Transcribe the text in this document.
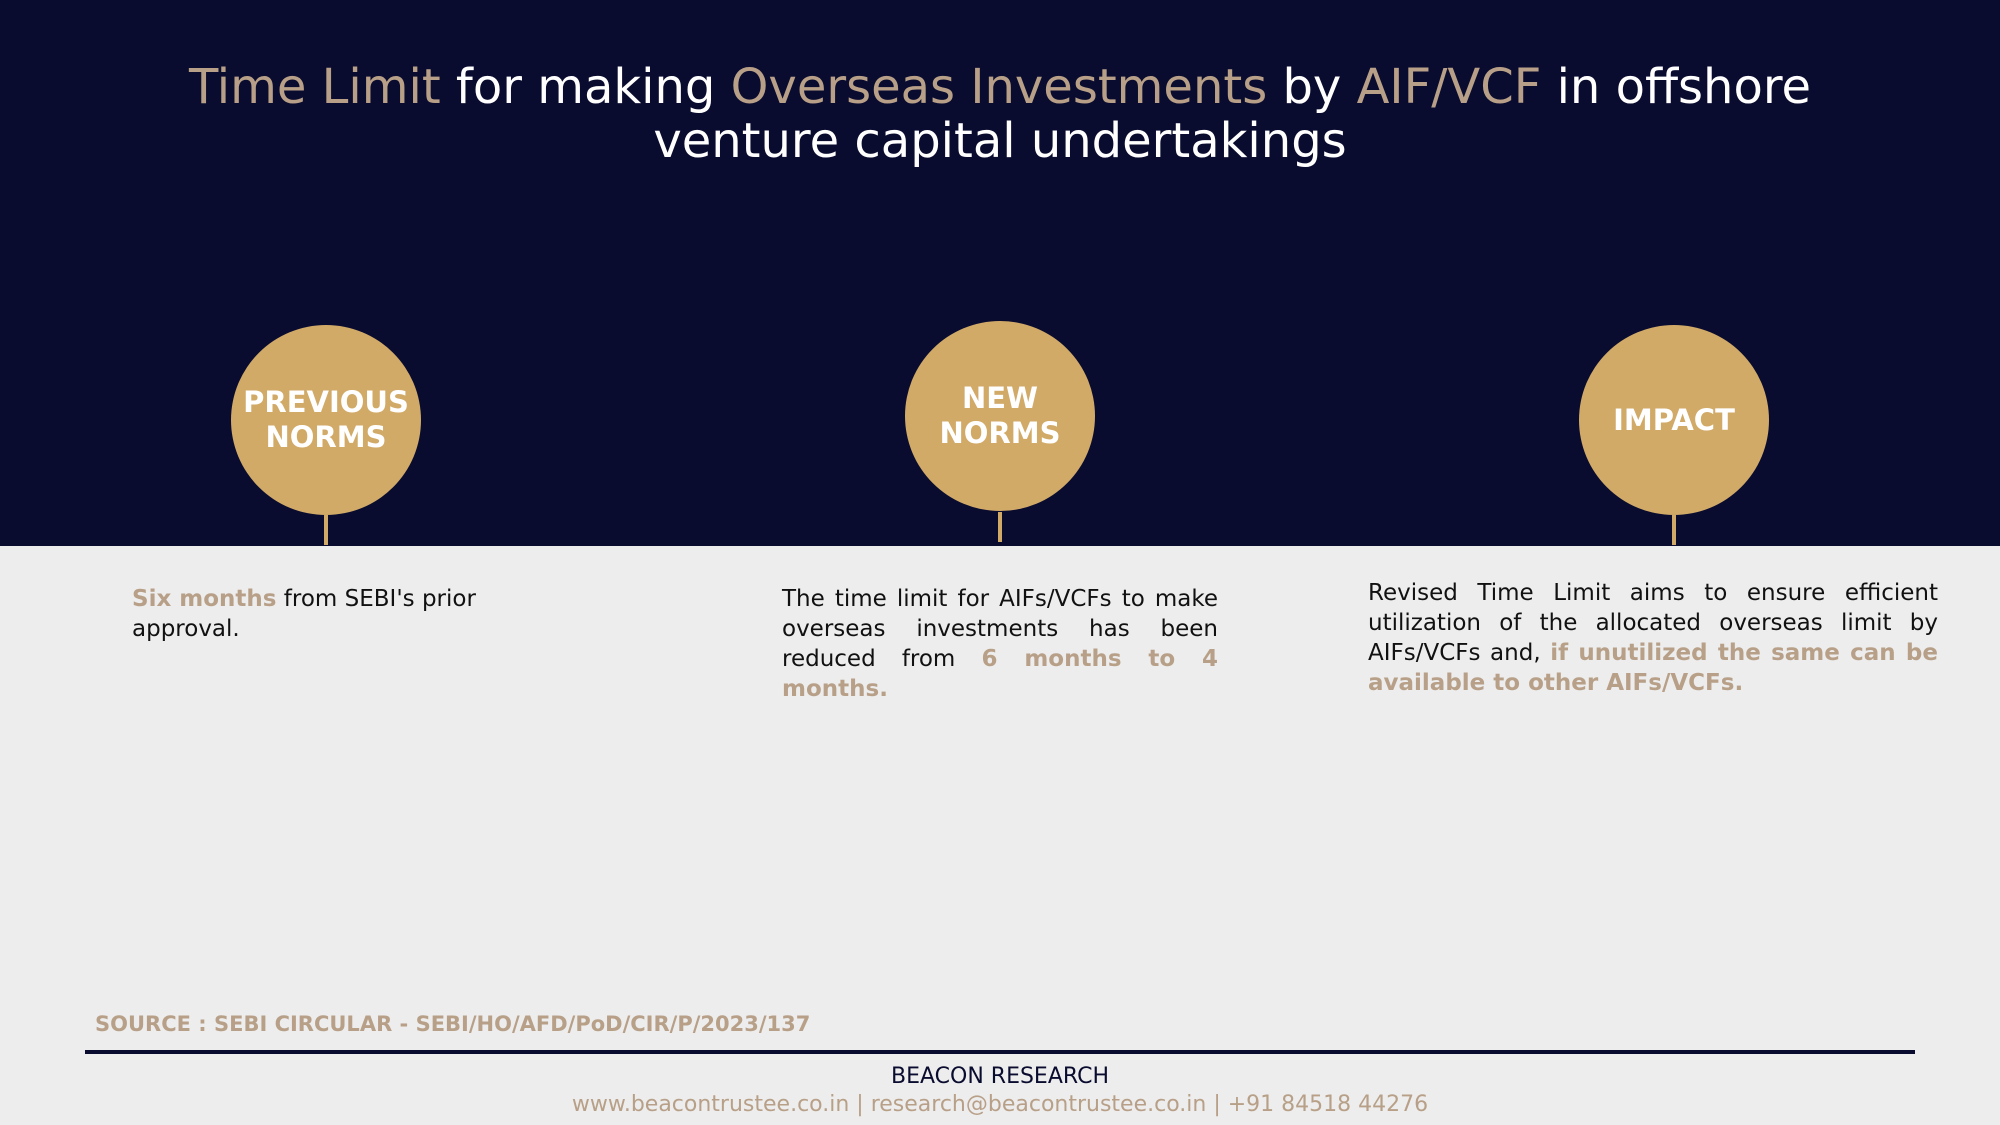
Time Limit for making Overseas Investments by AIF/VCF in offshore venture capital undertakings
PREVIOUS
NORMS
Six months from SEBI's prior approval.
NEW
NORMS
The time limit for AIFs/VCFs to make overseas investments has been reduced from 6 months to 4 months.
IMPACT
Revised Time Limit aims to ensure efficient utilization of the allocated overseas limit by AIFs/VCFs and, if unutilized the same can be available to other AIFs/VCFs.
SOURCE : SEBI CIRCULAR - SEBI/HO/AFD/PoD/CIR/P/2023/137
BEACON RESEARCH
www.beacontrustee.co.in | research@beacontrustee.co.in | +91 84518 44276
